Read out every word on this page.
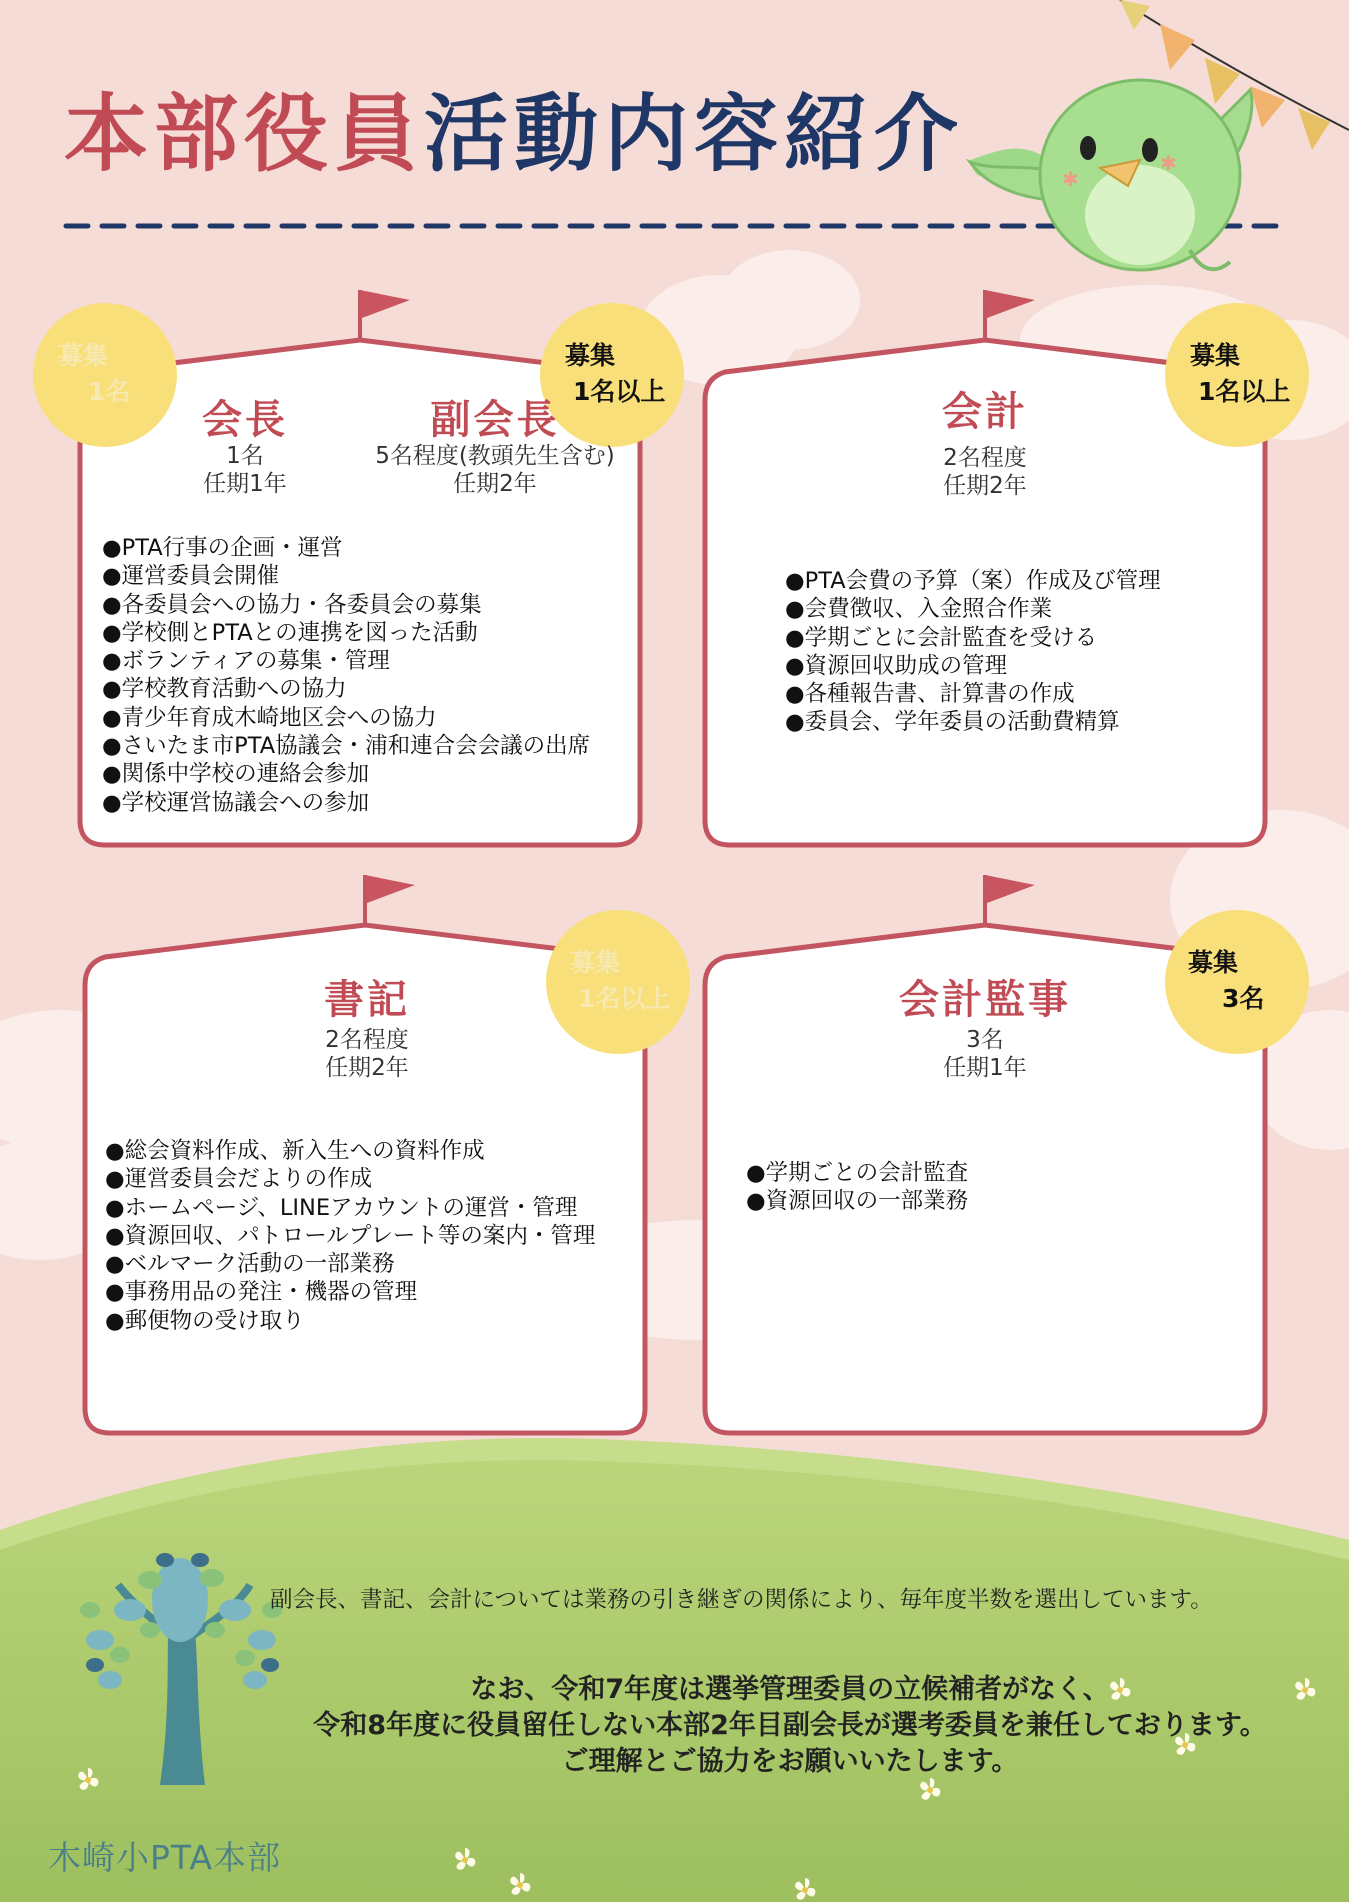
✱
✱
本部役員活動内容紹介
募集
1名
募集
1名以上
募集
1名以上
募集
1名以上
募集
3名
会長
1名
任期1年
副会長
5名程度(教頭先生含む)
任期2年
● PTA行事の企画・運営
● 運営委員会開催
● 各委員会への協力・各委員会の募集
● 学校側とPTAとの連携を図った活動
● ボランティアの募集・管理
● 学校教育活動への協力
● 青少年育成木崎地区会への協力
● さいたま市PTA協議会・浦和連合会会議の出席
● 関係中学校の連絡会参加
● 学校運営協議会への参加
会計
2名程度
任期2年
● PTA会費の予算（案）作成及び管理
● 会費徴収、入金照合作業
● 学期ごとに会計監査を受ける
● 資源回収助成の管理
● 各種報告書、計算書の作成
● 委員会、学年委員の活動費精算
書記
2名程度
任期2年
● 総会資料作成、新入生への資料作成
● 運営委員会だよりの作成
● ホームページ、LINEアカウントの運営・管理
● 資源回収、パトロールプレート等の案内・管理
● ベルマーク活動の一部業務
● 事務用品の発注・機器の管理
● 郵便物の受け取り
会計監事
3名
任期1年
● 学期ごとの会計監査
● 資源回収の一部業務
副会長、書記、会計については業務の引き継ぎの関係により、毎年度半数を選出しています。
なお、令和7年度は選挙管理委員の立候補者がなく、
令和8年度に役員留任しない本部2年目副会長が選考委員を兼任しております。
ご理解とご協力をお願いいたします。
木崎小PTA本部
